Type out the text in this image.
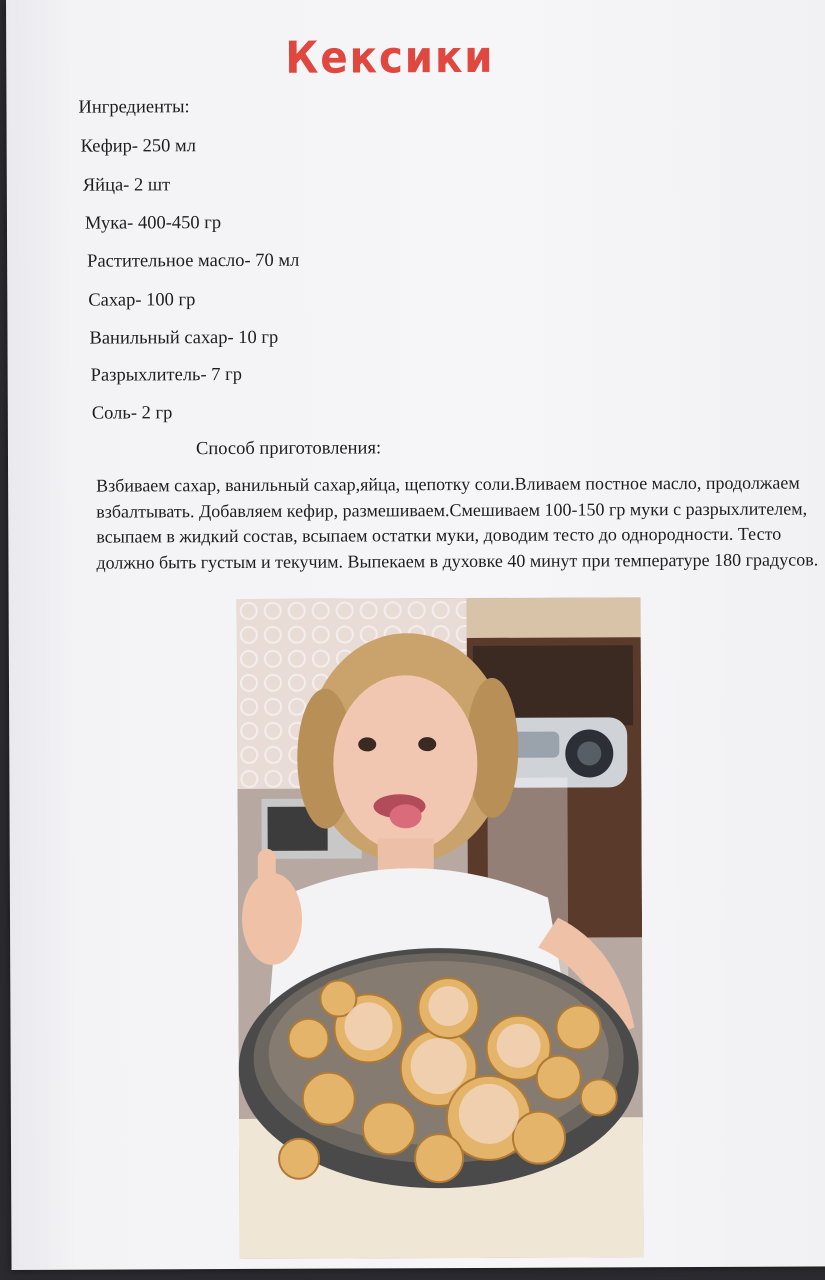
Кексики
Ингредиенты:
Кефир- 250 мл
Яйца- 2 шт
Мука- 400-450 гр
Растительное масло- 70 мл
Сахар- 100 гр
Ванильный сахар- 10 гр
Разрыхлитель- 7 гр
Соль- 2 гр
Способ приготовления:
Взбиваем сахар, ванильный сахар,яйца, щепотку соли.Вливаем постное масло, продолжаем взбалтывать. Добавляем кефир, размешиваем.Смешиваем 100-150 гр муки с разрыхлителем, всыпаем в жидкий состав, всыпаем остатки муки, доводим тесто до однородности. Тесто должно быть густым и текучим. Выпекаем в духовке 40 минут при температуре 180 градусов.
